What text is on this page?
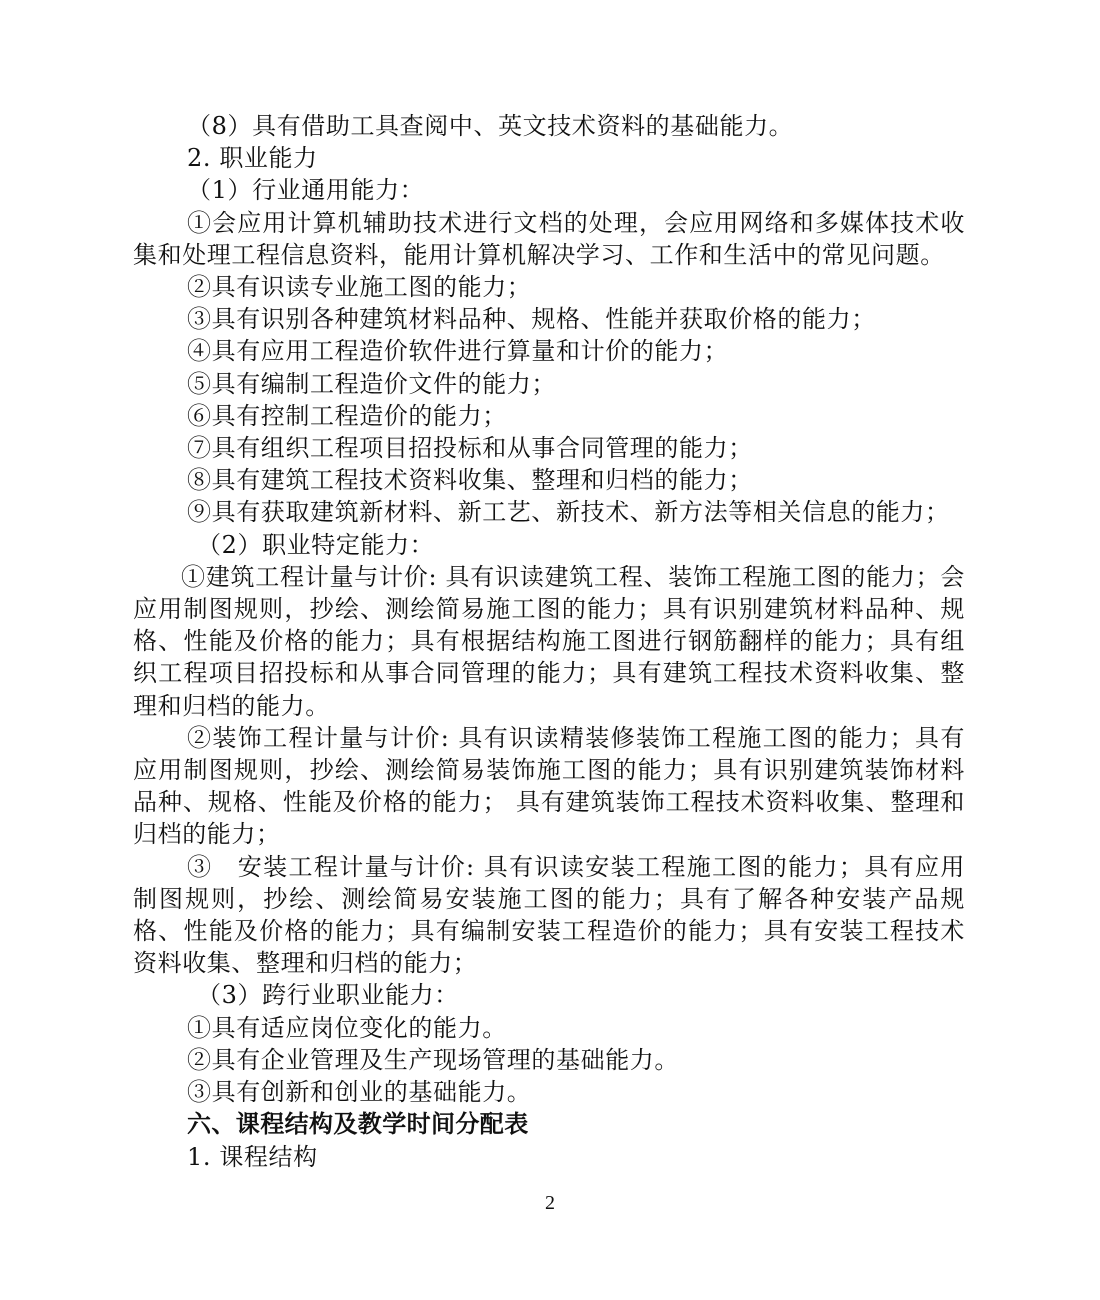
（8）具有借助工具查阅中、英文技术资料的基础能力。

2. 职业能力

（1）行业通用能力：

①会应用计算机辅助技术进行文档的处理，会应用网络和多媒体技术收集和处理工程信息资料，能用计算机解决学习、工作和生活中的常见问题。

②具有识读专业施工图的能力；

③具有识别各种建筑材料品种、规格、性能并获取价格的能力；

④具有应用工程造价软件进行算量和计价的能力；

⑤具有编制工程造价文件的能力；

⑥具有控制工程造价的能力；

⑦具有组织工程项目招投标和从事合同管理的能力；

⑧具有建筑工程技术资料收集、整理和归档的能力；

⑨具有获取建筑新材料、新工艺、新技术、新方法等相关信息的能力；

（2）职业特定能力：

①建筑工程计量与计价: 具有识读建筑工程、装饰工程施工图的能力；会应用制图规则，抄绘、测绘简易施工图的能力；具有识别建筑材料品种、规格、性能及价格的能力；具有根据结构施工图进行钢筋翻样的能力；具有组织工程项目招投标和从事合同管理的能力；具有建筑工程技术资料收集、整理和归档的能力。

②装饰工程计量与计价: 具有识读精装修装饰工程施工图的能力；具有应用制图规则，抄绘、测绘简易装饰施工图的能力；具有识别建筑装饰材料品种、规格、性能及价格的能力； 具有建筑装饰工程技术资料收集、整理和归档的能力；

③　安装工程计量与计价: 具有识读安装工程施工图的能力；具有应用制图规则，抄绘、测绘简易安装施工图的能力；具有了解各种安装产品规格、性能及价格的能力；具有编制安装工程造价的能力；具有安装工程技术资料收集、整理和归档的能力；

（3）跨行业职业能力：

①具有适应岗位变化的能力。

②具有企业管理及生产现场管理的基础能力。

③具有创新和创业的基础能力。

六、课程结构及教学时间分配表

1. 课程结构

2
